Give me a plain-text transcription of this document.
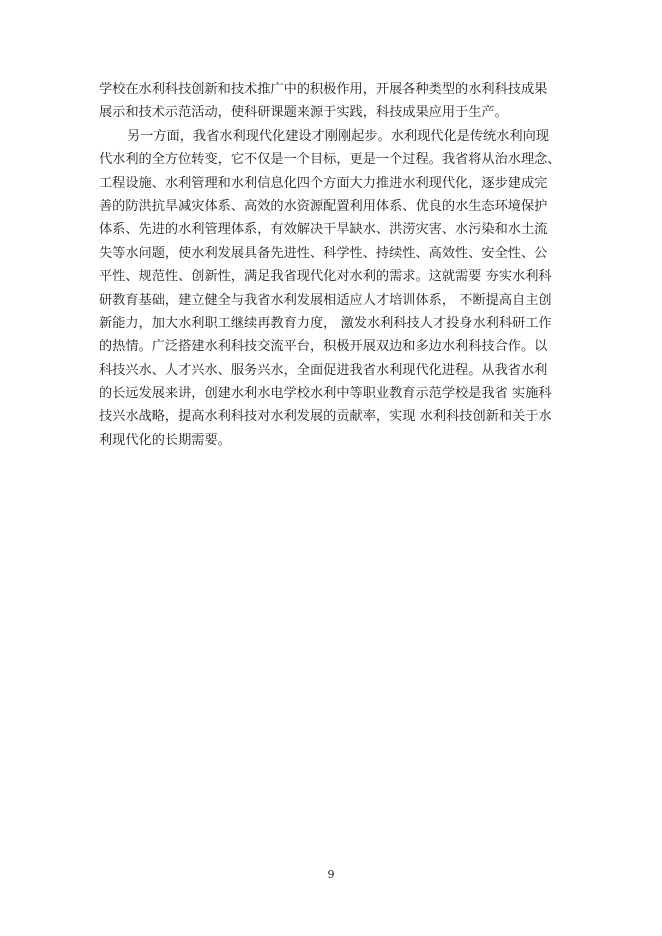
学校在水利科技创新和技术推广中的积极作用，开展各种类型的水利科技成果
展示和技术示范活动，使科研课题来源于实践，科技成果应用于生产。
另一方面，我省水利现代化建设才刚刚起步。水利现代化是传统水利向现
代水利的全方位转变，它不仅是一个目标，更是一个过程。我省将从治水理念、
工程设施、水利管理和水利信息化四个方面大力推进水利现代化，逐步建成完
善的防洪抗旱减灾体系、高效的水资源配置利用体系、优良的水生态环境保护
体系、先进的水利管理体系，有效解决干旱缺水、洪涝灾害、水污染和水土流
失等水问题，使水利发展具备先进性、科学性、持续性、高效性、安全性、公
平性、规范性、创新性，满足我省现代化对水利的需求。这就需要 夯实水利科
研教育基础，建立健全与我省水利发展相适应人才培训体系， 不断提高自主创
新能力，加大水利职工继续再教育力度， 激发水利科技人才投身水利科研工作
的热情。广泛搭建水利科技交流平台，积极开展双边和多边水利科技合作。以
科技兴水、人才兴水、服务兴水，全面促进我省水利现代化进程。从我省水利
的长远发展来讲，创建水利水电学校水利中等职业教育示范学校是我省 实施科
技兴水战略，提高水利科技对水利发展的贡献率，实现 水利科技创新和关于水
利现代化的长期需要。
9
